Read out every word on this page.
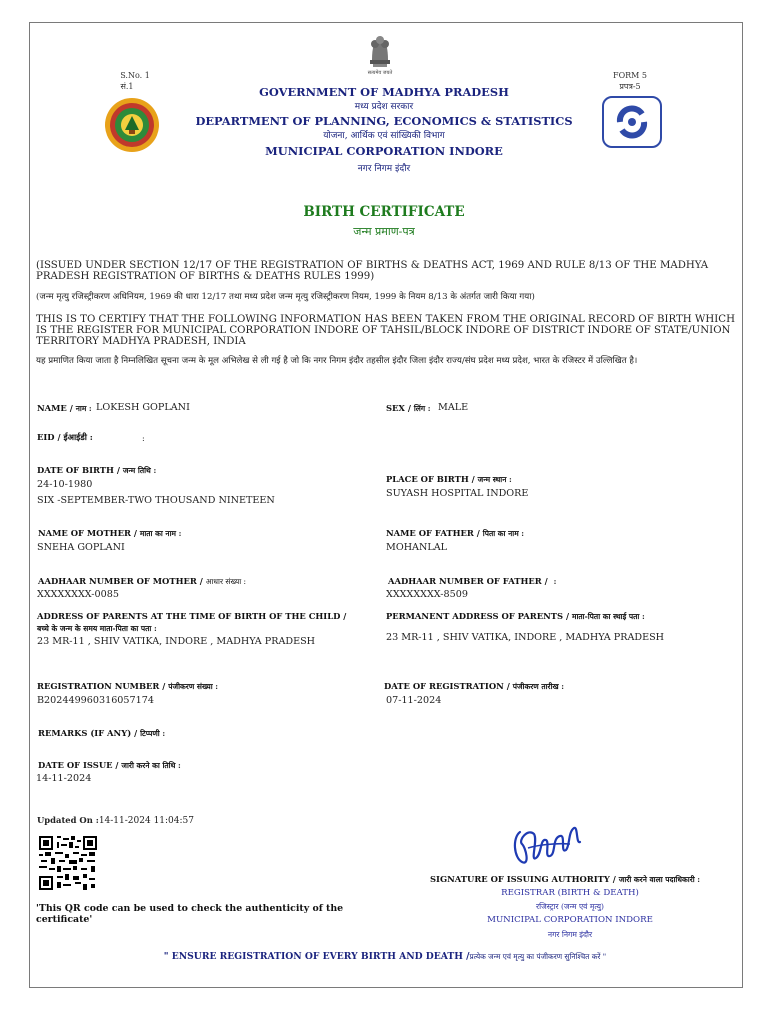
सत्यमेव जयते
S.No. 1
सं.1
FORM 5
प्रपत्र-5
GOVERNMENT OF MADHYA PRADESH
मध्य प्रदेश सरकार
DEPARTMENT OF PLANNING, ECONOMICS & STATISTICS
योजना, आर्थिक एवं सांख्यिकी विभाग
MUNICIPAL CORPORATION INDORE
नगर निगम इंदौर
BIRTH CERTIFICATE
जन्म प्रमाण-पत्र
(ISSUED UNDER SECTION 12/17 OF THE REGISTRATION OF BIRTHS & DEATHS ACT, 1969 AND RULE 8/13 OF THE MADHYA PRADESH REGISTRATION OF BIRTHS & DEATHS RULES 1999)
(जन्म मृत्यु रजिस्ट्रीकरण अधिनियम, 1969 की धारा 12/17 तथा मध्य प्रदेश जन्म मृत्यु रजिस्ट्रीकरण नियम, 1999 के नियम 8/13 के अंतर्गत जारी किया गया)
THIS IS TO CERTIFY THAT THE FOLLOWING INFORMATION HAS BEEN TAKEN FROM THE ORIGINAL RECORD OF BIRTH WHICH IS THE REGISTER FOR MUNICIPAL CORPORATION INDORE OF TAHSIL/BLOCK INDORE OF DISTRICT INDORE OF STATE/UNION TERRITORY MADHYA PRADESH, INDIA
यह प्रमाणित किया जाता है निम्नलिखित सूचना जन्म के मूल अभिलेख से ली गई है जो कि नगर निगम इंदौर तहसील इंदौर जिला इंदौर राज्य/संघ प्रदेश मध्य प्रदेश, भारत के रजिस्टर में उल्लिखित है।
NAME / नाम : LOKESH GOPLANI	SEX / लिंग : MALE
EID / ईआईडी :	:
DATE OF BIRTH / जन्म तिथि :
24-10-1980
SIX -SEPTEMBER-TWO THOUSAND NINETEEN
PLACE OF BIRTH / जन्म स्थान :
SUYASH HOSPITAL INDORE
NAME OF MOTHER / माता का नाम :
SNEHA GOPLANI
NAME OF FATHER / पिता का नाम :
MOHANLAL
AADHAAR NUMBER OF MOTHER / आधार संख्या :
XXXXXXXX-0085
AADHAAR NUMBER OF FATHER / :
XXXXXXXX-8509
ADDRESS OF PARENTS AT THE TIME OF BIRTH OF THE CHILD /
बच्चे के जन्म के समय माता-पिता का पता :
23 MR-11 , SHIV VATIKA, INDORE , MADHYA PRADESH
PERMANENT ADDRESS OF PARENTS / माता-पिता का स्थाई पता :
23 MR-11 , SHIV VATIKA, INDORE , MADHYA PRADESH
REGISTRATION NUMBER / पंजीकरण संख्या :
B202449960316057174
DATE OF REGISTRATION / पंजीकरण तारीख :
07-11-2024
REMARKS (IF ANY) / टिप्पणी :
DATE OF ISSUE / जारी करने का तिथि :
14-11-2024
Updated On :14-11-2024 11:04:57
'This QR code can be used to check the authenticity of the certificate'
SIGNATURE OF ISSUING AUTHORITY / जारी करने वाला पदाधिकारी :
REGISTRAR (BIRTH & DEATH)
रजिस्ट्रार (जन्म एवं मृत्यु)
MUNICIPAL CORPORATION INDORE
नगर निगम इंदौर
" ENSURE REGISTRATION OF EVERY BIRTH AND DEATH /प्रत्येक जन्म एवं मृत्यु का पंजीकरण सुनिश्चित करें "
